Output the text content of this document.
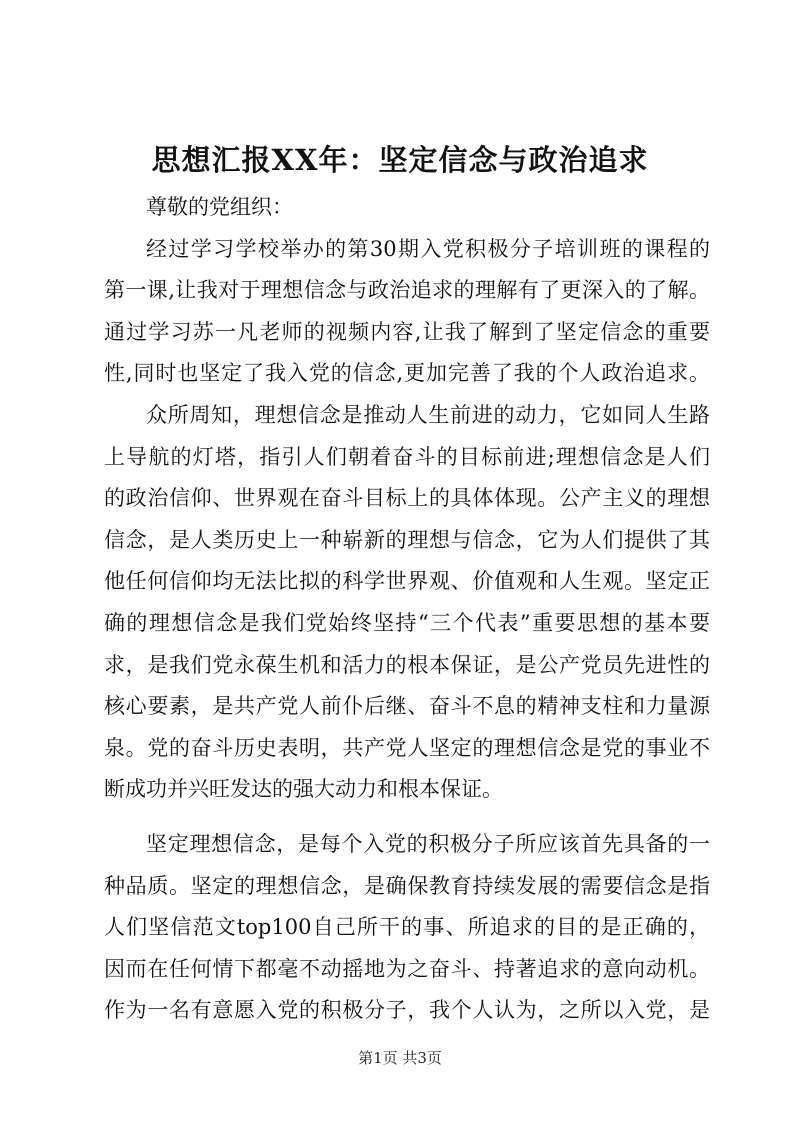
思想汇报XX年：坚定信念与政治追求
尊敬的党组织：
经过学习学校举办的第30期入党积极分子培训班的课程的
第一课,让我对于理想信念与政治追求的理解有了更深入的了解。
通过学习苏一凡老师的视频内容,让我了解到了坚定信念的重要
性,同时也坚定了我入党的信念,更加完善了我的个人政治追求。
众所周知，理想信念是推动人生前进的动力，它如同人生路
上导航的灯塔，指引人们朝着奋斗的目标前进;理想信念是人们
的政治信仰、世界观在奋斗目标上的具体体现。公产主义的理想
信念，是人类历史上一种崭新的理想与信念，它为人们提供了其
他任何信仰均无法比拟的科学世界观、价值观和人生观。坚定正
确的理想信念是我们党始终坚持“三个代表”重要思想的基本要
求，是我们党永葆生机和活力的根本保证，是公产党员先进性的
核心要素，是共产党人前仆后继、奋斗不息的精神支柱和力量源
泉。党的奋斗历史表明，共产党人坚定的理想信念是党的事业不
断成功并兴旺发达的强大动力和根本保证。
坚定理想信念，是每个入党的积极分子所应该首先具备的一
种品质。坚定的理想信念，是确保教育持续发展的需要信念是指
人们坚信范文top100自己所干的事、所追求的目的是正确的，
因而在任何情下都毫不动摇地为之奋斗、持著追求的意向动机。
作为一名有意愿入党的积极分子，我个人认为，之所以入党，是
第1页 共3页
